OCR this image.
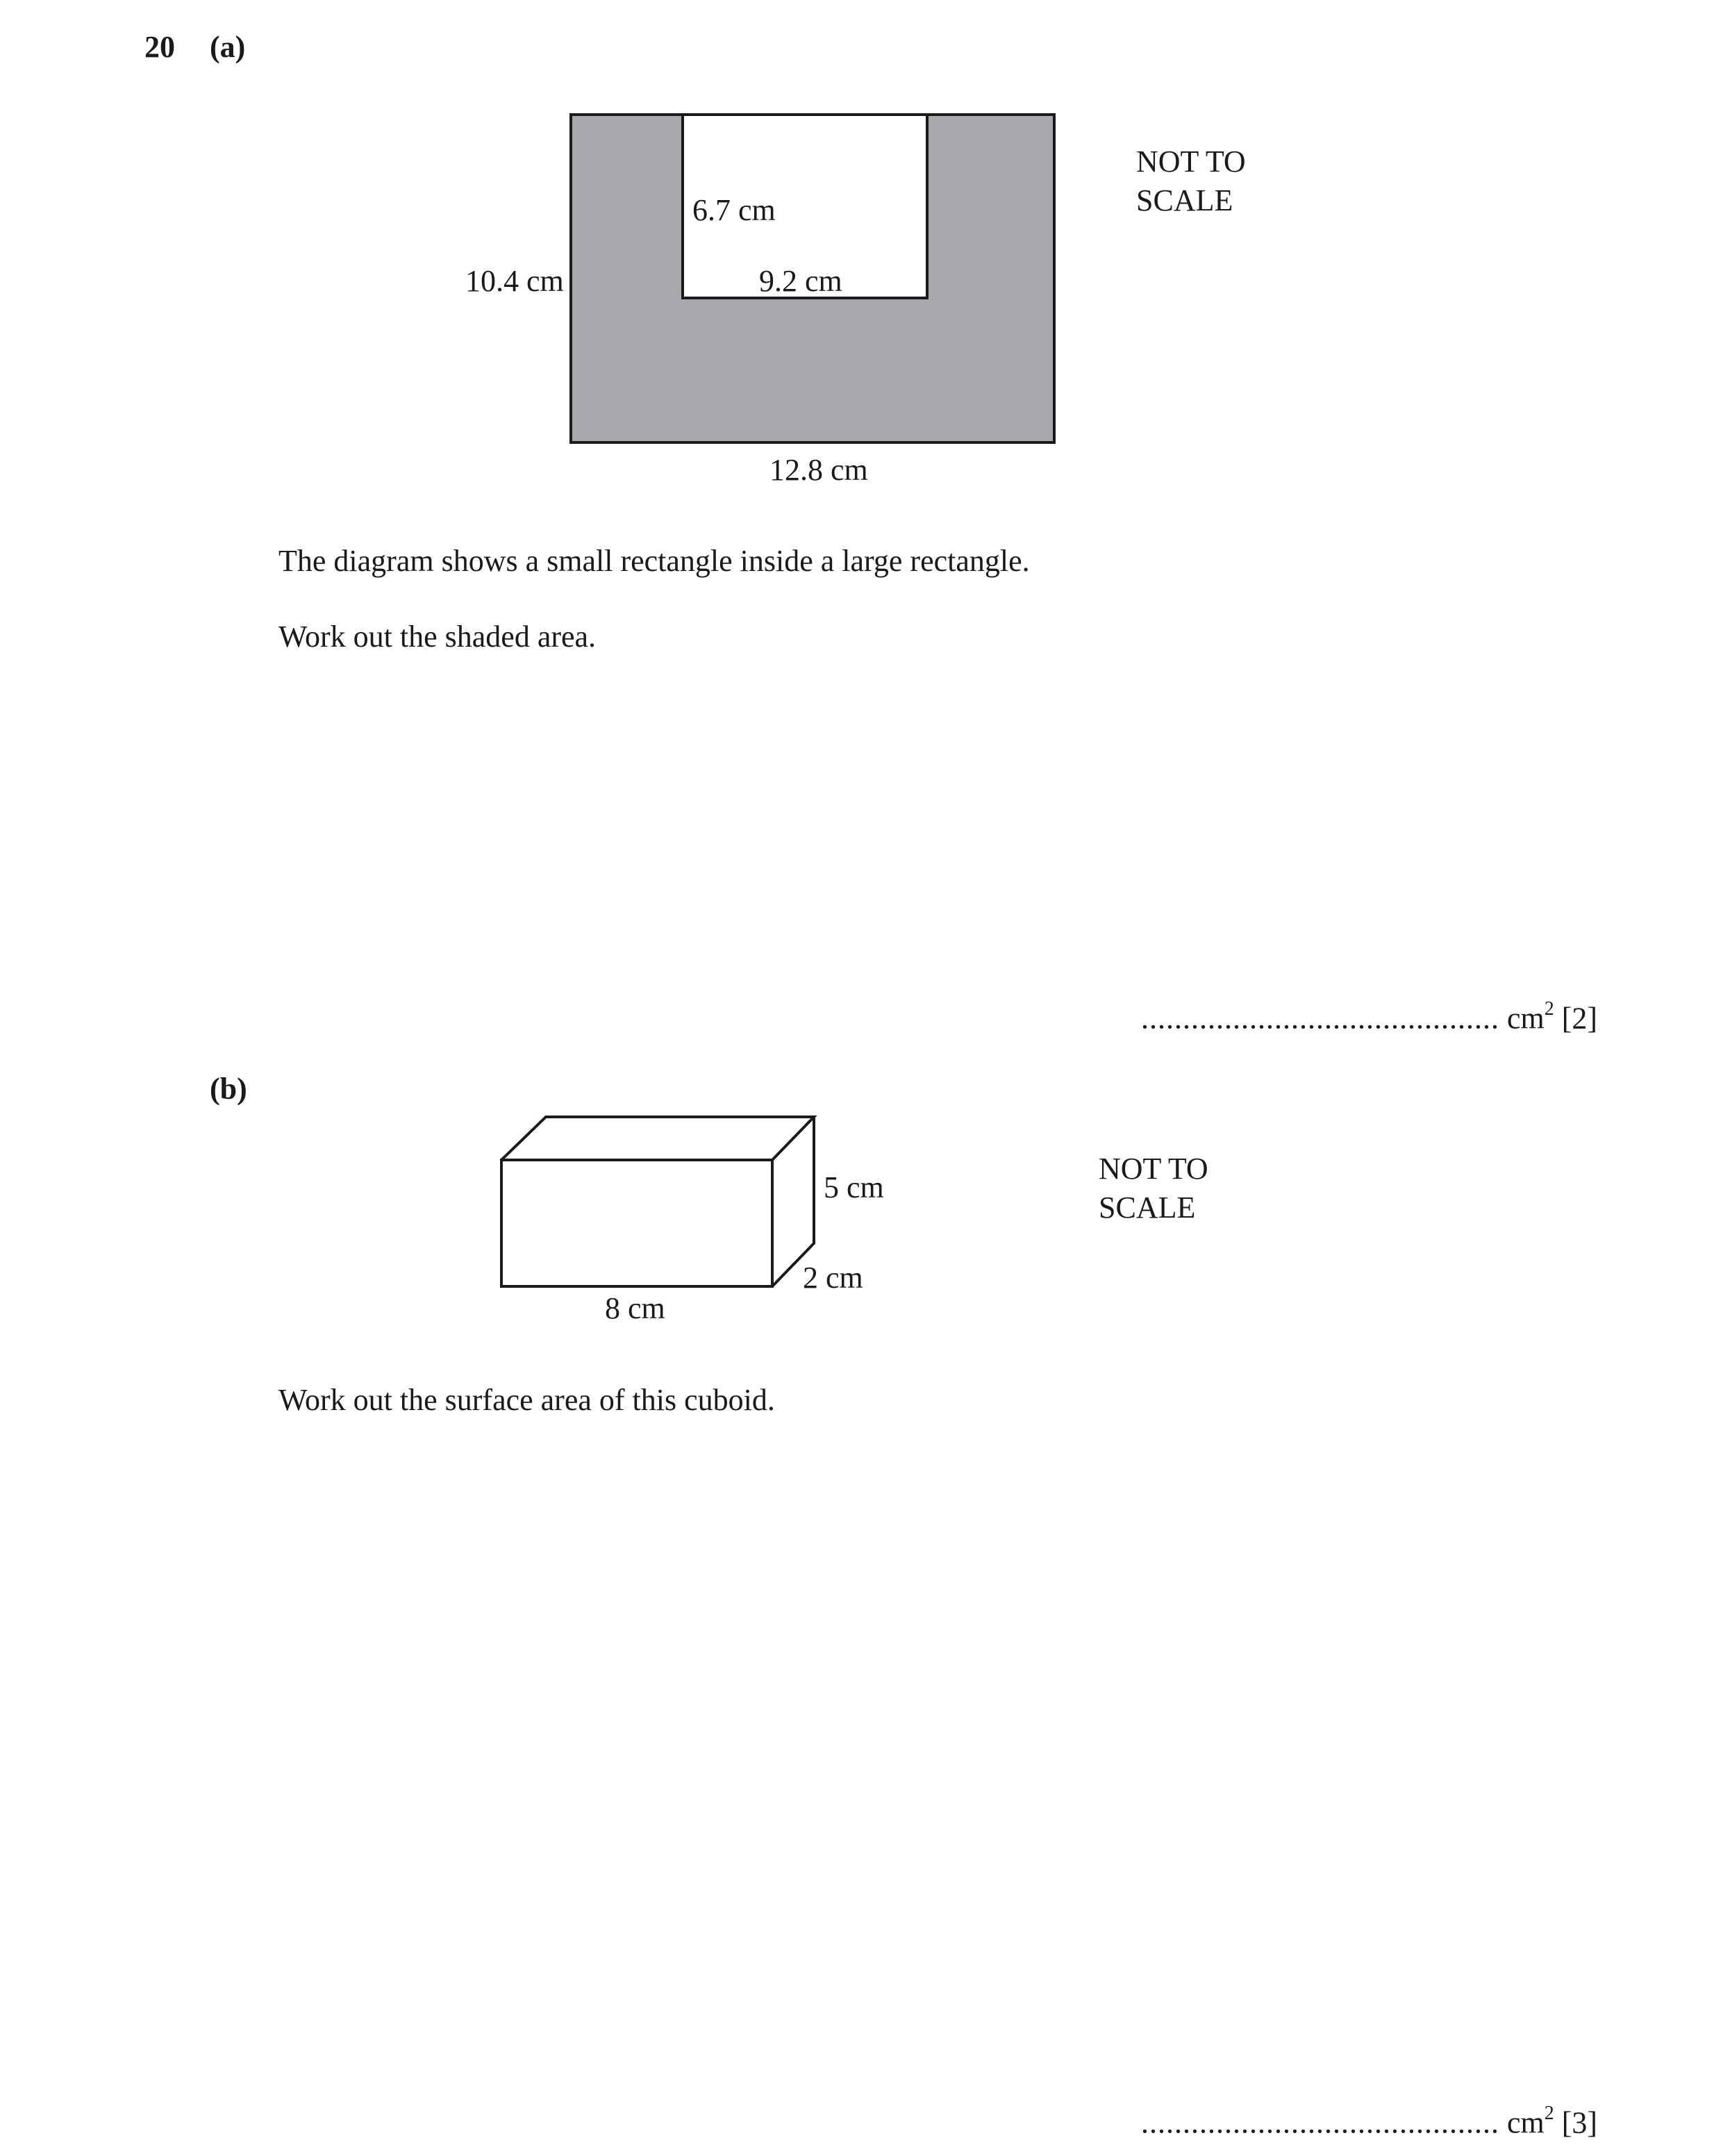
20 (a)
(b)
10.4 cm
12.8 cm
6.7 cm
9.2 cm
NOT TO
SCALE
The diagram shows a small rectangle inside a large rectangle.
Work out the shaded area.
........................................... $cm^2$ [2]
5 cm
2 cm
8 cm
NOT TO
SCALE
Work out the surface area of this cuboid.
........................................... $cm^2$ [3]
